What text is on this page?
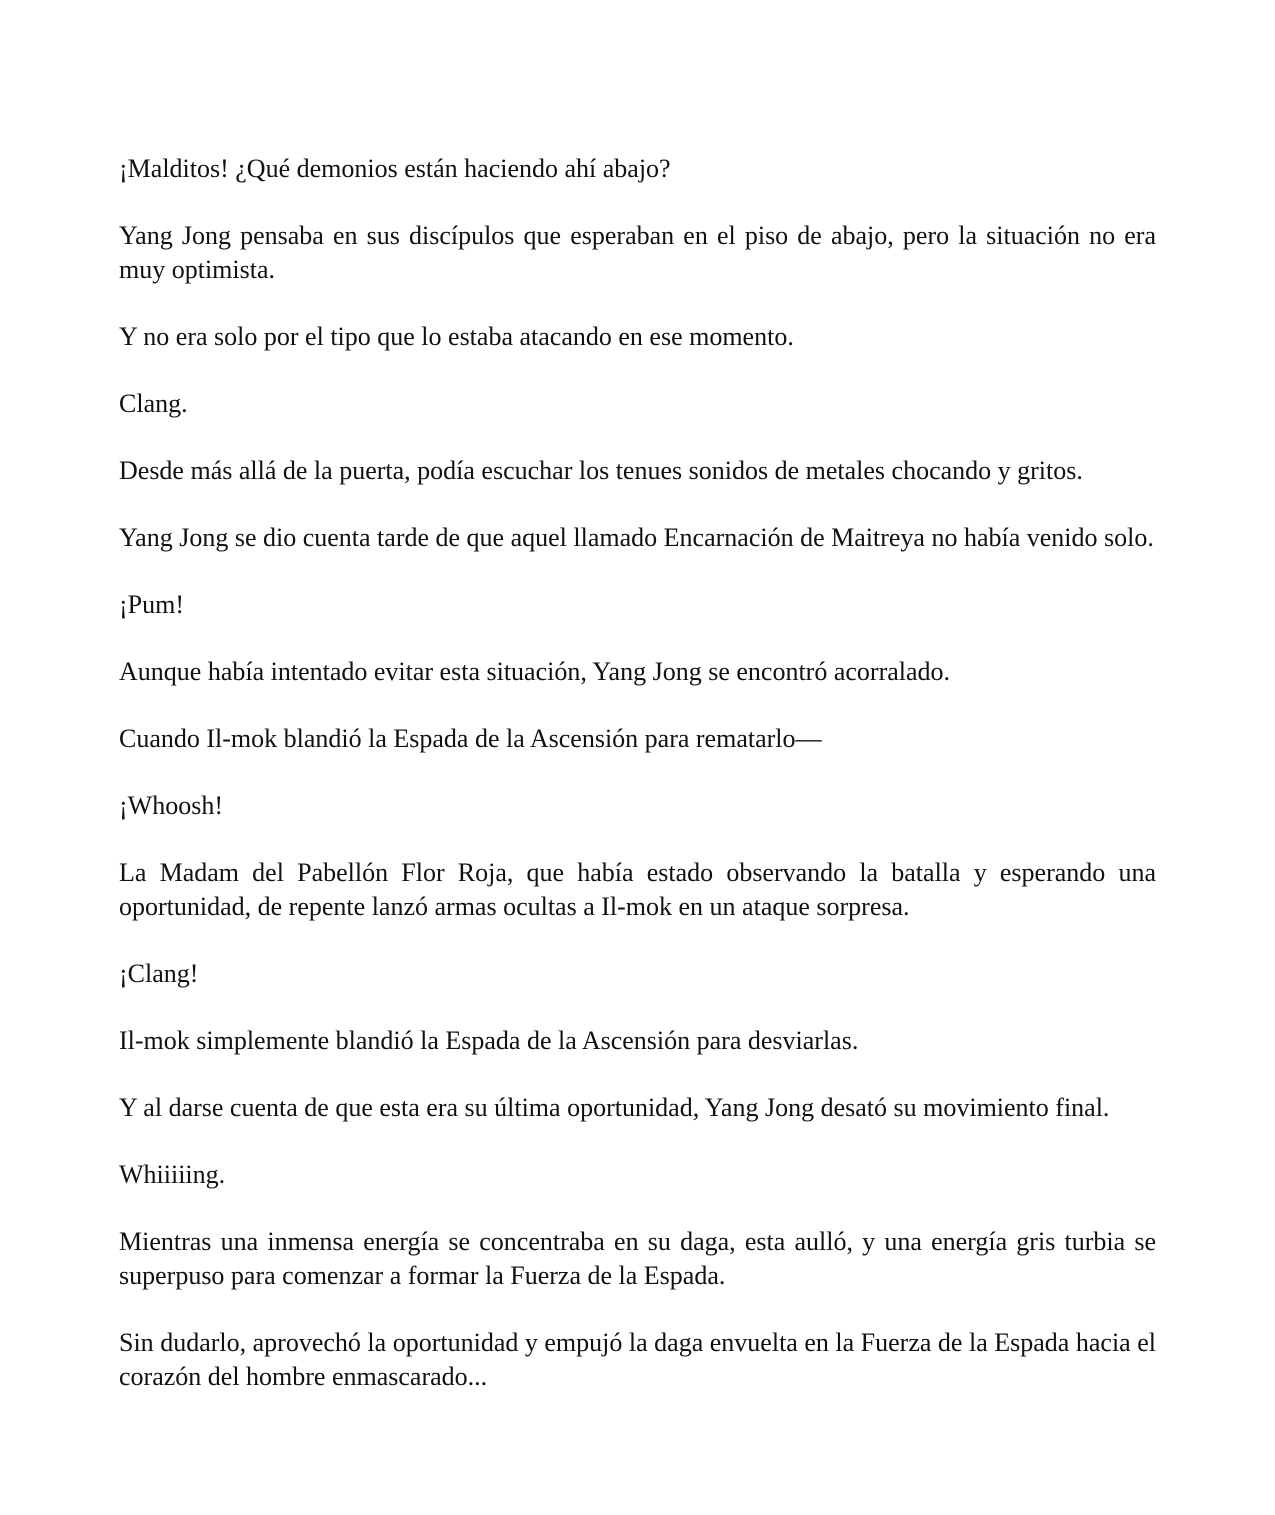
¡Malditos! ¿Qué demonios están haciendo ahí abajo?

Yang Jong pensaba en sus discípulos que esperaban en el piso de abajo, pero la situación no era muy optimista.

Y no era solo por el tipo que lo estaba atacando en ese momento.

Clang.

Desde más allá de la puerta, podía escuchar los tenues sonidos de metales chocando y gritos.

Yang Jong se dio cuenta tarde de que aquel llamado Encarnación de Maitreya no había venido solo.

¡Pum!

Aunque había intentado evitar esta situación, Yang Jong se encontró acorralado.

Cuando Il-mok blandió la Espada de la Ascensión para rematarlo—

¡Whoosh!

La Madam del Pabellón Flor Roja, que había estado observando la batalla y esperando una oportunidad, de repente lanzó armas ocultas a Il-mok en un ataque sorpresa.

¡Clang!

Il-mok simplemente blandió la Espada de la Ascensión para desviarlas.

Y al darse cuenta de que esta era su última oportunidad, Yang Jong desató su movimiento final.

Whiiiiing.

Mientras una inmensa energía se concentraba en su daga, esta aulló, y una energía gris turbia se superpuso para comenzar a formar la Fuerza de la Espada.

Sin dudarlo, aprovechó la oportunidad y empujó la daga envuelta en la Fuerza de la Espada hacia el corazón del hombre enmascarado...
